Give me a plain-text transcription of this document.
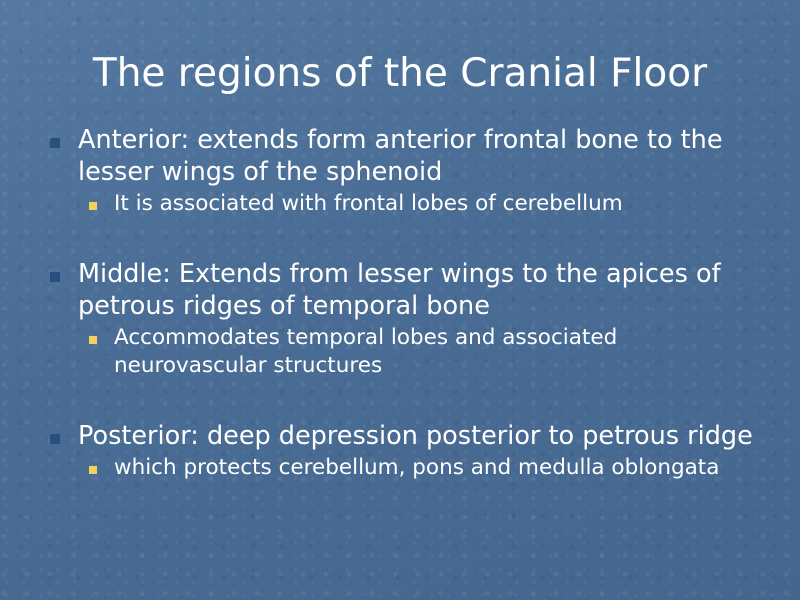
The regions of the Cranial Floor
Anterior: extends form anterior frontal bone to the lesser wings of the sphenoid
It is associated with frontal lobes of cerebellum
Middle: Extends from lesser wings to the apices of petrous ridges of temporal bone
Accommodates temporal lobes and associated neurovascular structures
Posterior: deep depression posterior to petrous ridge
which protects cerebellum, pons and medulla oblongata
